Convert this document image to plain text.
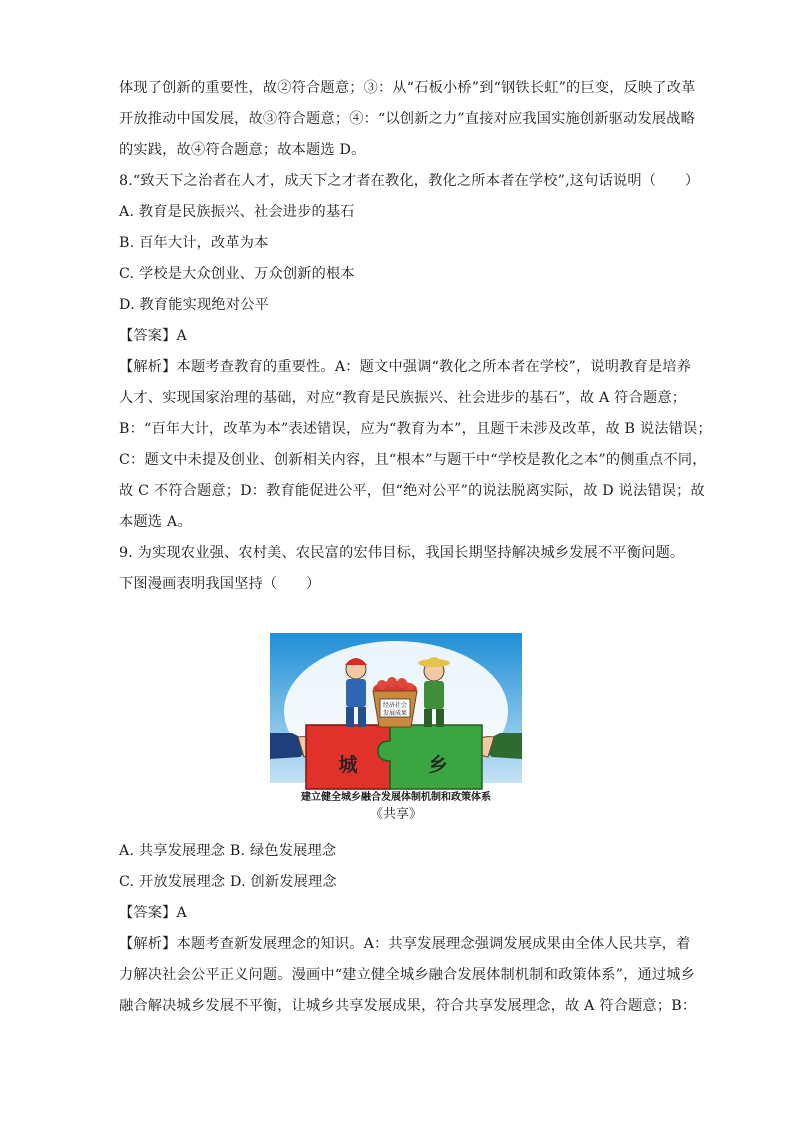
体现了创新的重要性，故②符合题意；③：从“石板小桥”到“钢铁长虹”的巨变，反映了改革
开放推动中国发展，故③符合题意；④：“以创新之力”直接对应我国实施创新驱动发展战略
的实践，故④符合题意；故本题选 D。
8.“致天下之治者在人才，成天下之才者在教化，教化之所本者在学校”,这句话说明（　　）
A. 教育是民族振兴、社会进步的基石
B. 百年大计，改革为本
C. 学校是大众创业、万众创新的根本
D. 教育能实现绝对公平
【答案】A
【解析】本题考查教育的重要性。A：题文中强调“教化之所本者在学校”，说明教育是培养
人才、实现国家治理的基础，对应“教育是民族振兴、社会进步的基石”，故 A 符合题意；
B：“百年大计，改革为本”表述错误，应为“教育为本”，且题干未涉及改革，故 B 说法错误；
C：题文中未提及创业、创新相关内容，且“根本”与题干中“学校是教化之本”的侧重点不同，
故 C 不符合题意；D：教育能促进公平，但“绝对公平”的说法脱离实际，故 D 说法错误；故
本题选 A。
9. 为实现农业强、农村美、农民富的宏伟目标，我国长期坚持解决城乡发展不平衡问题。
下图漫画表明我国坚持（　　）
城	乡
经济社会
发展成果
建立健全城乡融合发展体制机制和政策体系
《共享》
A. 共享发展理念 B. 绿色发展理念
C. 开放发展理念 D. 创新发展理念
【答案】A
【解析】本题考查新发展理念的知识。A：共享发展理念强调发展成果由全体人民共享，着
力解决社会公平正义问题。漫画中“建立健全城乡融合发展体制机制和政策体系”，通过城乡
融合解决城乡发展不平衡，让城乡共享发展成果，符合共享发展理念，故 A 符合题意；B：
